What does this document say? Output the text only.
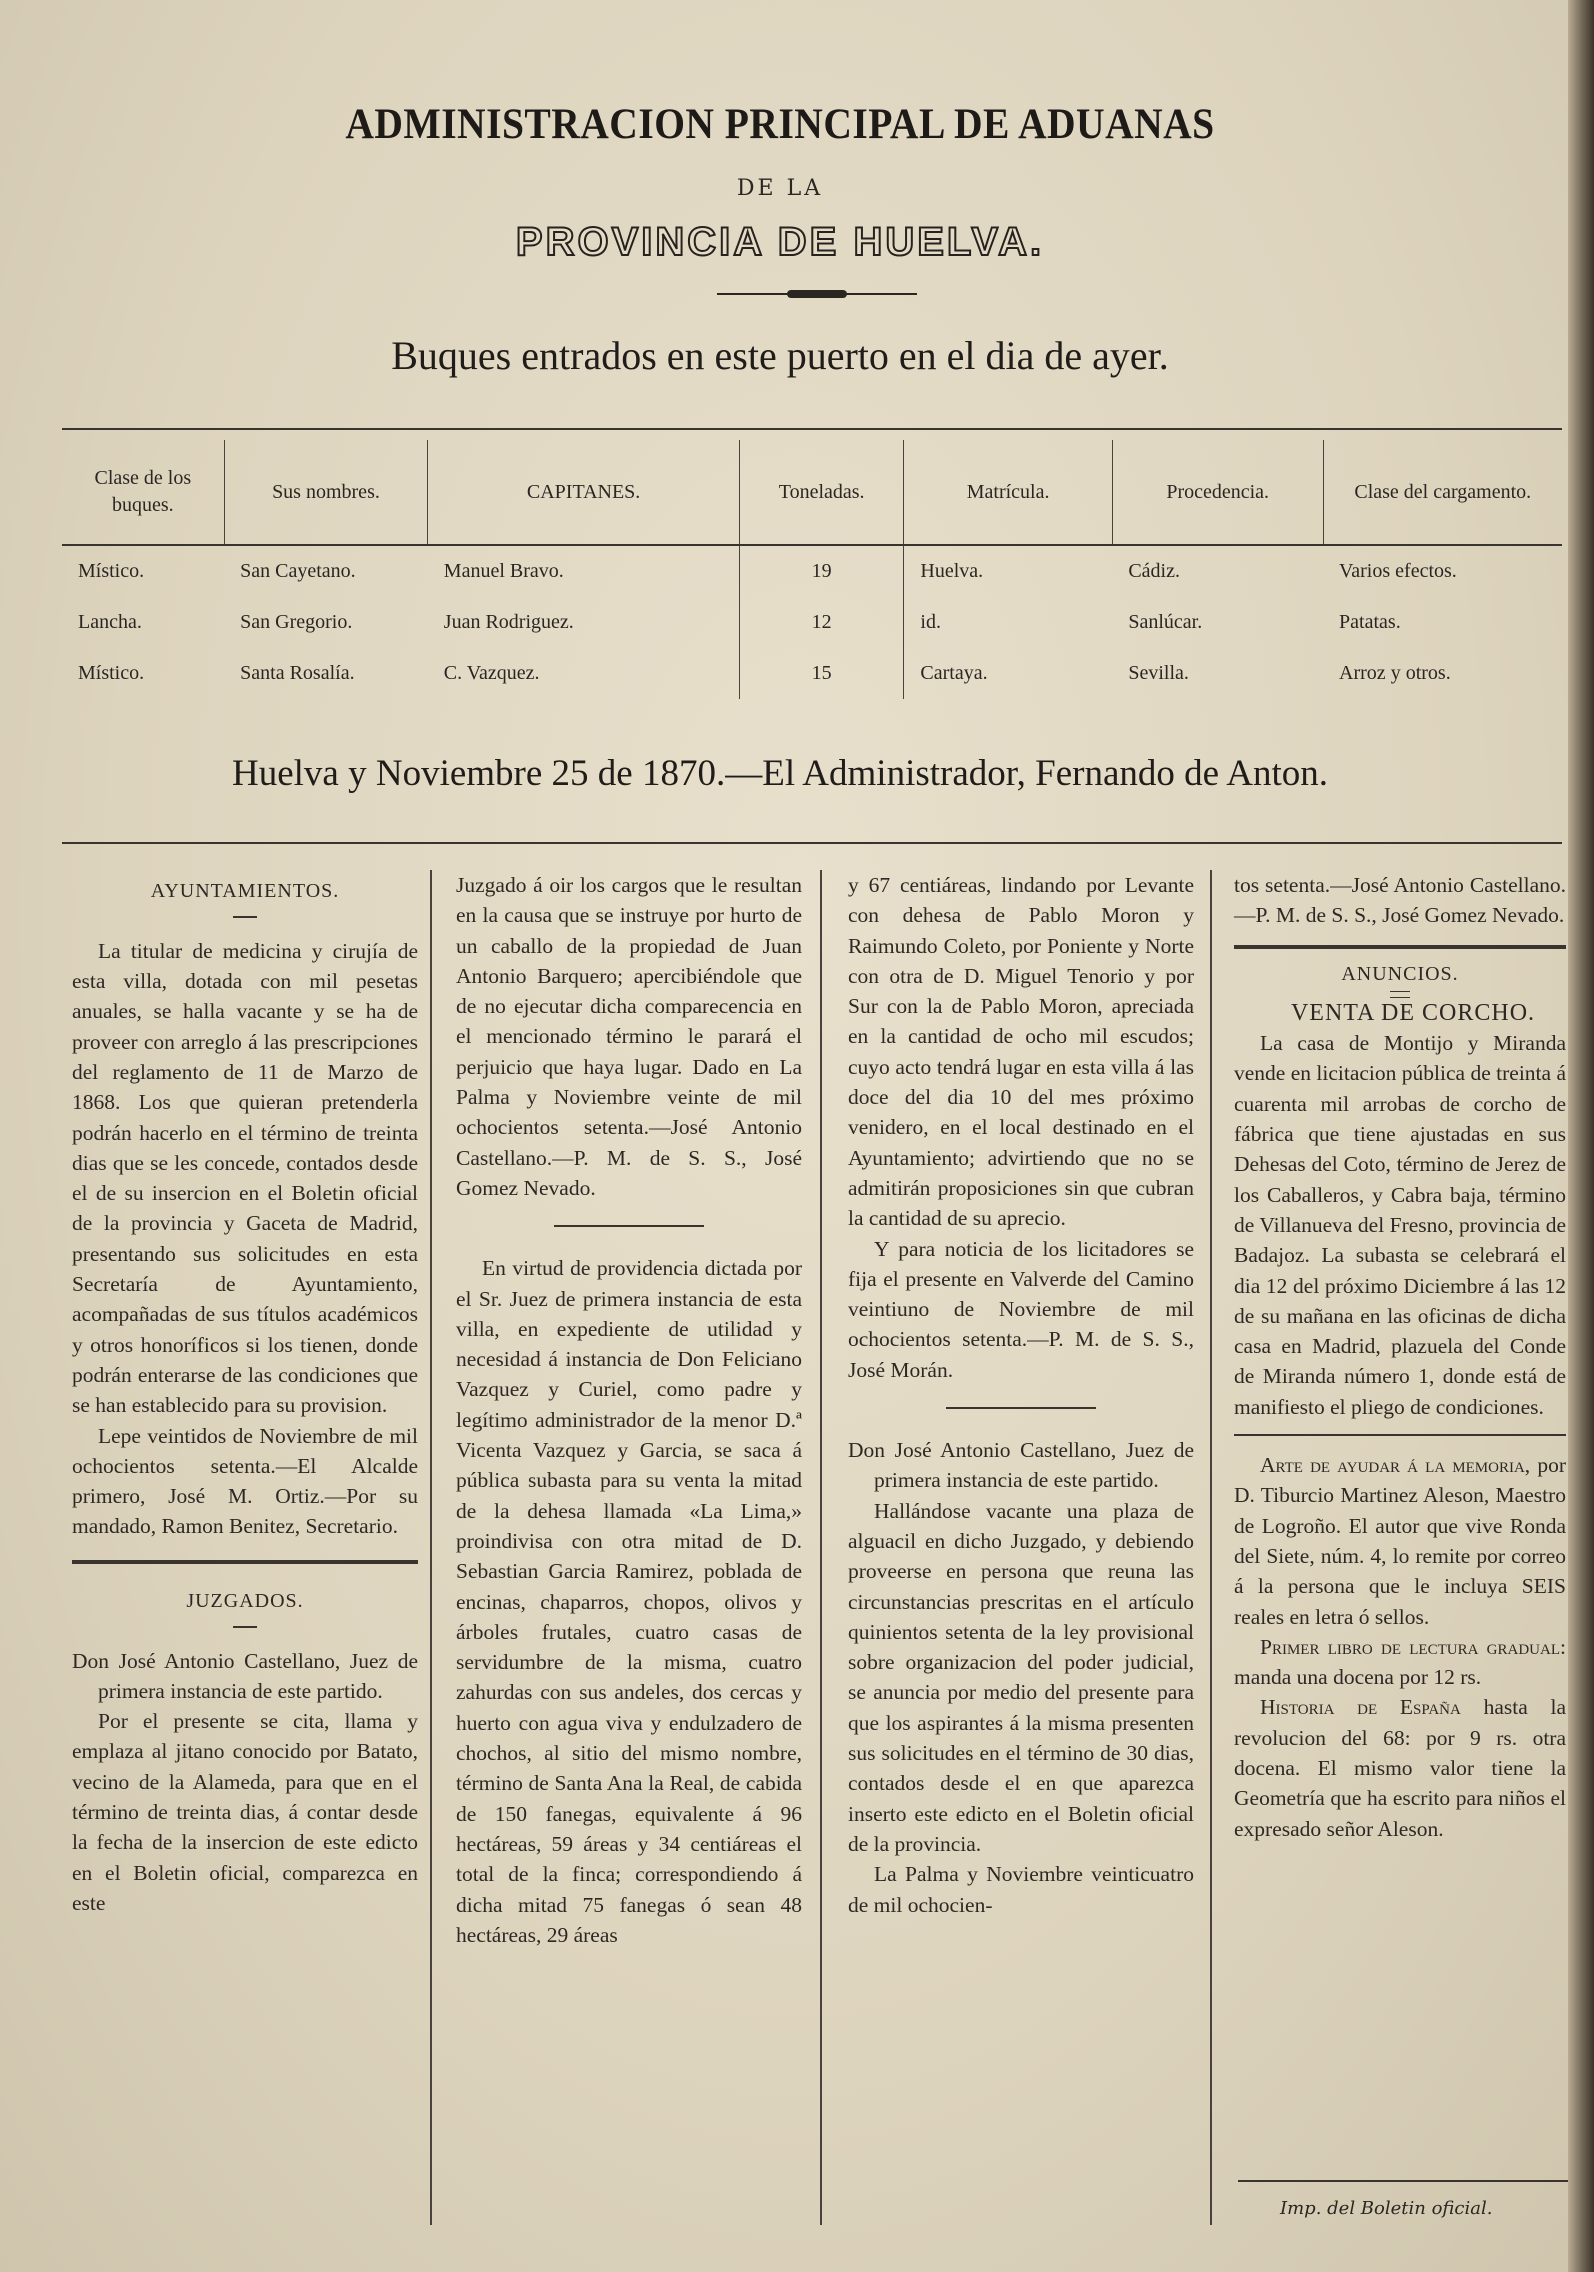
ADMINISTRACION PRINCIPAL DE ADUANAS
DE LA
PROVINCIA DE HUELVA.
Buques entrados en este puerto en el dia de ayer.
Clase de los buques.	Sus nombres.	CAPITANES.	Toneladas.	Matrícula.	Procedencia.	Clase del cargamento.
Místico.	San Cayetano.	Manuel Bravo.	19	Huelva.	Cádiz.	Varios efectos.
Lancha.	San Gregorio.	Juan Rodriguez.	12	id.	Sanlúcar.	Patatas.
Místico.	Santa Rosalía.	C. Vazquez.	15	Cartaya.	Sevilla.	Arroz y otros.
Huelva y Noviembre 25 de 1870.—El Administrador, Fernando de Anton.

AYUNTAMIENTOS.

La titular de medicina y cirujía de esta villa, dotada con mil pesetas anuales, se halla vacante y se ha de proveer con arreglo á las prescripciones del reglamento de 11 de Marzo de 1868. Los que quieran pretenderla podrán hacerlo en el término de treinta dias que se les concede, contados desde el de su insercion en el Boletin oficial de la provincia y Gaceta de Madrid, presentando sus solicitudes en esta Secretaría de Ayuntamiento, acompañadas de sus títulos académicos y otros honoríficos si los tienen, donde podrán enterarse de las condiciones que se han establecido para su provision.

Lepe veintidos de Noviembre de mil ochocientos setenta.—El Alcalde primero, José M. Ortiz.—Por su mandado, Ramon Benitez, Secretario.

JUZGADOS.

Don José Antonio Castellano, Juez de primera instancia de este partido.

Por el presente se cita, llama y emplaza al jitano conocido por Batato, vecino de la Alameda, para que en el término de treinta dias, á contar desde la fecha de la insercion de este edicto en el Boletin oficial, comparezca en este

Juzgado á oir los cargos que le resultan en la causa que se instruye por hurto de un caballo de la propiedad de Juan Antonio Barquero; apercibiéndole que de no ejecutar dicha comparecencia en el mencionado término le parará el perjuicio que haya lugar. Dado en La Palma y Noviembre veinte de mil ochocientos setenta.—José Antonio Castellano.—P. M. de S. S., José Gomez Nevado.

En virtud de providencia dictada por el Sr. Juez de primera instancia de esta villa, en expediente de utilidad y necesidad á instancia de Don Feliciano Vazquez y Curiel, como padre y legítimo administrador de la menor D.ª Vicenta Vazquez y Garcia, se saca á pública subasta para su venta la mitad de la dehesa llamada «La Lima,» proindivisa con otra mitad de D. Sebastian Garcia Ramirez, poblada de encinas, chaparros, chopos, olivos y árboles frutales, cuatro casas de servidumbre de la misma, cuatro zahurdas con sus andeles, dos cercas y huerto con agua viva y endulzadero de chochos, al sitio del mismo nombre, término de Santa Ana la Real, de cabida de 150 fanegas, equivalente á 96 hectáreas, 59 áreas y 34 centiáreas el total de la finca; correspondiendo á dicha mitad 75 fanegas ó sean 48 hectáreas, 29 áreas

y 67 centiáreas, lindando por Levante con dehesa de Pablo Moron y Raimundo Coleto, por Poniente y Norte con otra de D. Miguel Tenorio y por Sur con la de Pablo Moron, apreciada en la cantidad de ocho mil escudos; cuyo acto tendrá lugar en esta villa á las doce del dia 10 del mes próximo venidero, en el local destinado en el Ayuntamiento; advirtiendo que no se admitirán proposiciones sin que cubran la cantidad de su aprecio.

Y para noticia de los licitadores se fija el presente en Valverde del Camino veintiuno de Noviembre de mil ochocientos setenta.—P. M. de S. S., José Morán.

Don José Antonio Castellano, Juez de primera instancia de este partido.

Hallándose vacante una plaza de alguacil en dicho Juzgado, y debiendo proveerse en persona que reuna las circunstancias prescritas en el artículo quinientos setenta de la ley provisional sobre organizacion del poder judicial, se anuncia por medio del presente para que los aspirantes á la misma presenten sus solicitudes en el término de 30 dias, contados desde el en que aparezca inserto este edicto en el Boletin oficial de la provincia.

La Palma y Noviembre veinticuatro de mil ochocien-

tos setenta.—José Antonio Castellano.—P. M. de S. S., José Gomez Nevado.

ANUNCIOS.

VENTA DE CORCHO.

La casa de Montijo y Miranda vende en licitacion pública de treinta á cuarenta mil arrobas de corcho de fábrica que tiene ajustadas en sus Dehesas del Coto, término de Jerez de los Caballeros, y Cabra baja, término de Villanueva del Fresno, provincia de Badajoz. La subasta se celebrará el dia 12 del próximo Diciembre á las 12 de su mañana en las oficinas de dicha casa en Madrid, plazuela del Conde de Miranda número 1, donde está de manifiesto el pliego de condiciones.

Arte de ayudar á la memoria, por D. Tiburcio Martinez Aleson, Maestro de Logroño. El autor que vive Ronda del Siete, núm. 4, lo remite por correo á la persona que le incluya SEIS reales en letra ó sellos.

Primer libro de lectura gradual: manda una docena por 12 rs.

Historia de España hasta la revolucion del 68: por 9 rs. otra docena. El mismo valor tiene la Geometría que ha escrito para niños el expresado señor Aleson.

Imp. del Boletin oficial.
